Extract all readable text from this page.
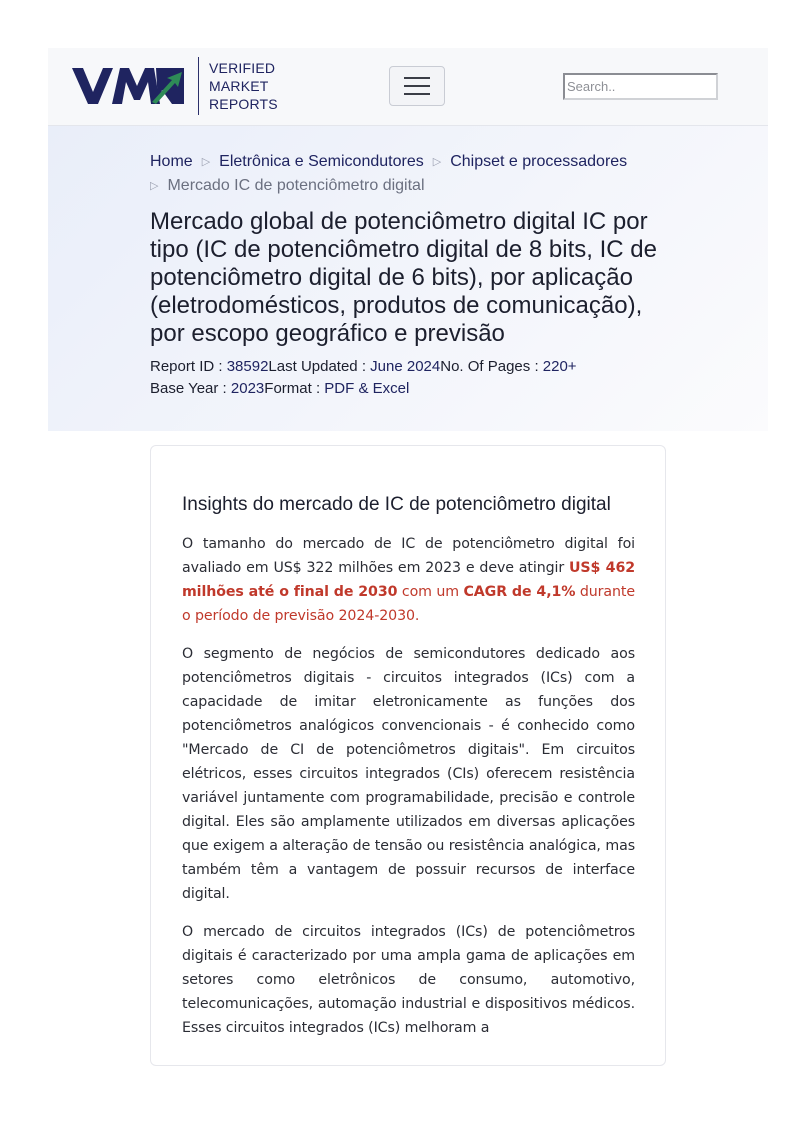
VERIFIED
MARKET
REPORTS
Search..
Home ▷ Eletrônica e Semicondutores ▷ Chipset e processadores
▷ Mercado IC de potenciômetro digital
Mercado global de potenciômetro digital IC por tipo (IC de potenciômetro digital de 8 bits, IC de potenciômetro digital de 6 bits), por aplicação (eletrodomésticos, produtos de comunicação), por escopo geográfico e previsão
Report ID : 38592Last Updated : June 2024No. Of Pages : 220+
Base Year : 2023Format : PDF & Excel
Insights do mercado de IC de potenciômetro digital

O tamanho do mercado de IC de potenciômetro digital foi avaliado em US$ 322 milhões em 2023 e deve atingir US$ 462 milhões até o final de 2030 com um CAGR de 4,1% durante o período de previsão 2024-2030.

O segmento de negócios de semicondutores dedicado aos potenciômetros digitais - circuitos integrados (ICs) com a capacidade de imitar eletronicamente as funções dos potenciômetros analógicos convencionais - é conhecido como "Mercado de CI de potenciômetros digitais". Em circuitos elétricos, esses circuitos integrados (CIs) oferecem resistência variável juntamente com programabilidade, precisão e controle digital. Eles são amplamente utilizados em diversas aplicações que exigem a alteração de tensão ou resistência analógica, mas também têm a vantagem de possuir recursos de interface digital.

O mercado de circuitos integrados (ICs) de potenciômetros digitais é caracterizado por uma ampla gama de aplicações em setores como eletrônicos de consumo, automotivo, telecomunicações, automação industrial e dispositivos médicos. Esses circuitos integrados (ICs) melhoram a
